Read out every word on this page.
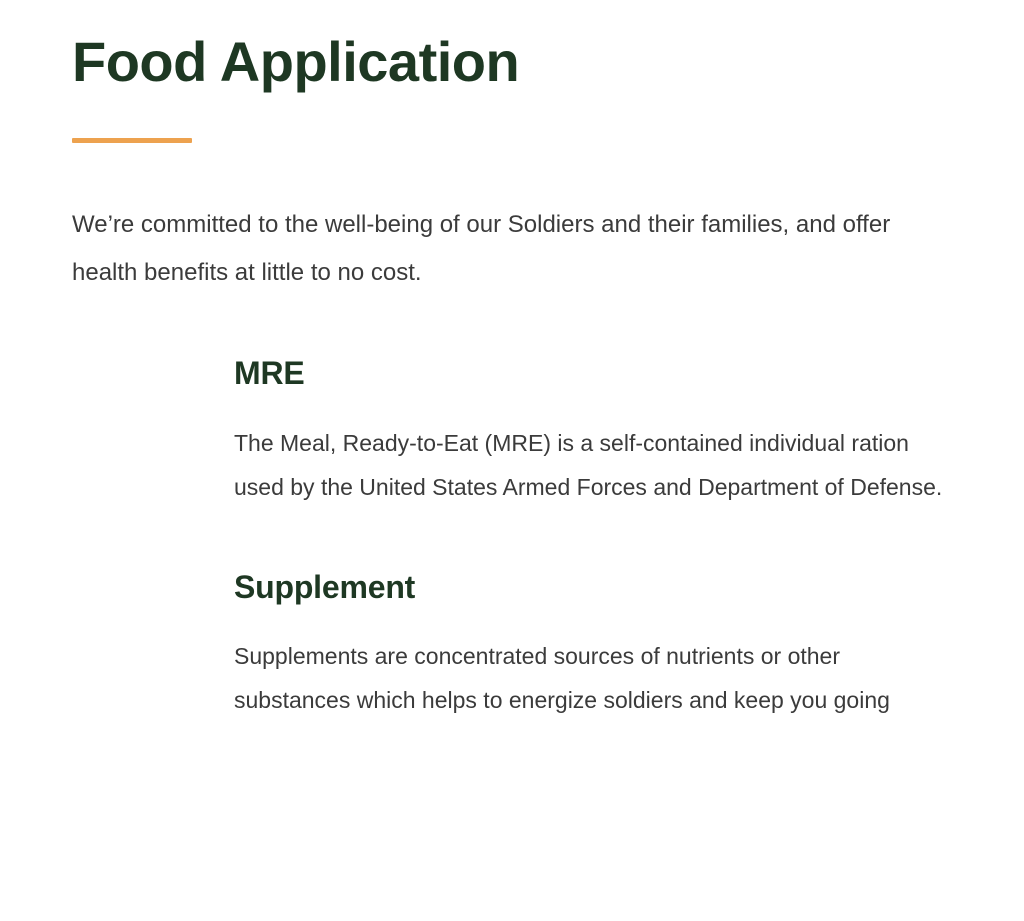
Food Application

We’re committed to the well-being of our Soldiers and their families, and offer health benefits at little to no cost.

MRE

The Meal, Ready-to-Eat (MRE) is a self-contained individual ration used by the United States Armed Forces and Department of Defense.

Supplement

Supplements are concentrated sources of nutrients or other substances which helps to energize soldiers and keep you going
